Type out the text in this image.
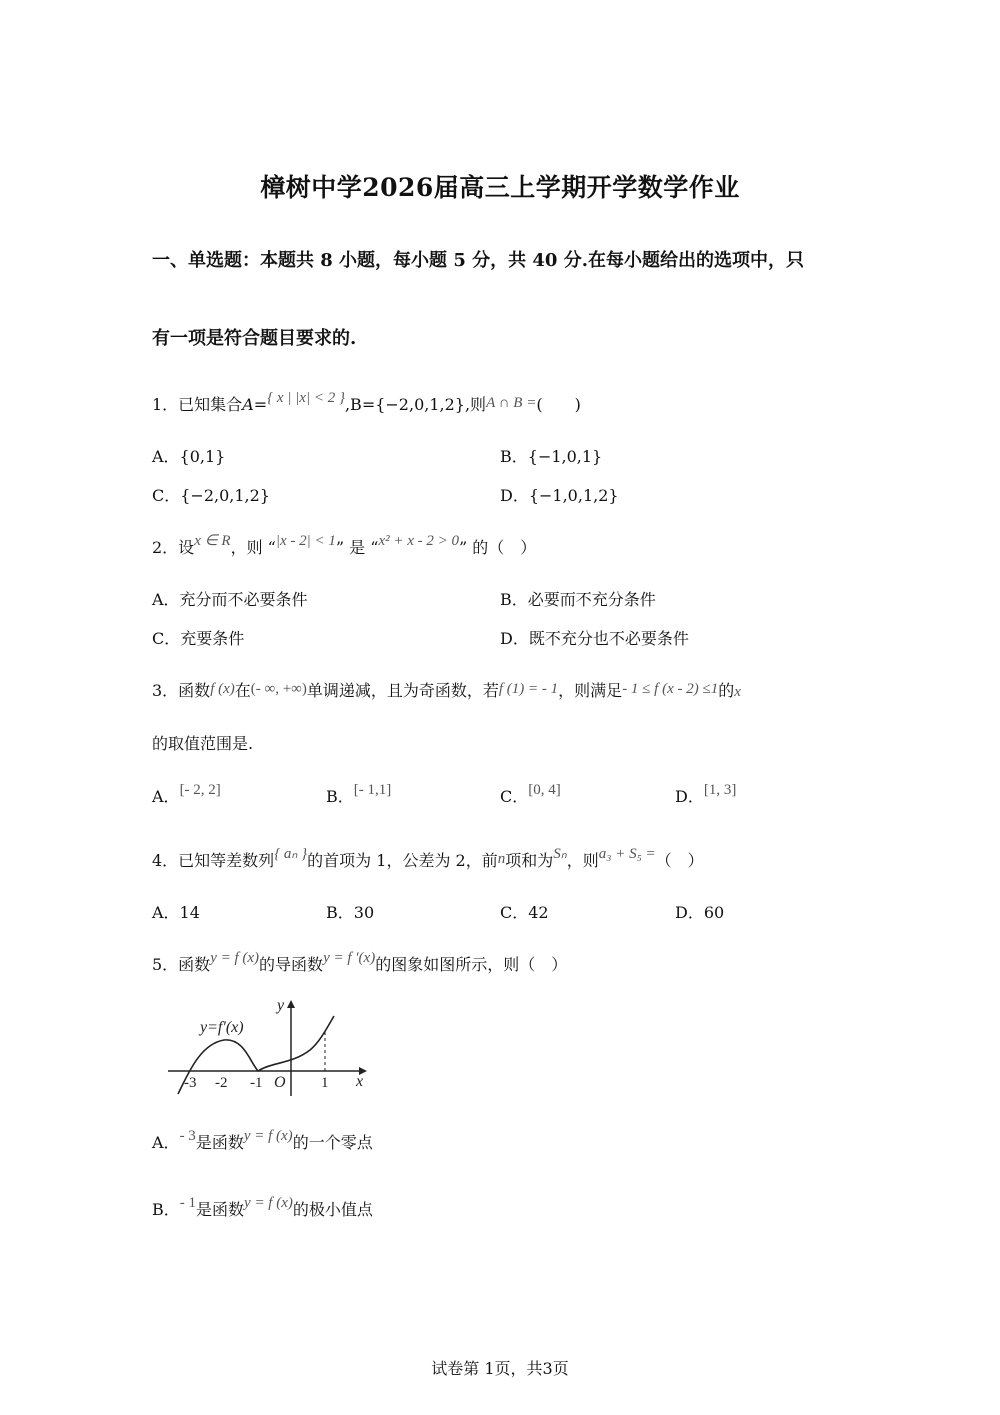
樟树中学2026届高三上学期开学数学作业
一、单选题：本题共 8 小题，每小题 5 分，共 40 分.在每小题给出的选项中，只
有一项是符合题目要求的.
1．已知集合A={ x | |x| < 2 },B={−2,0,1,2},则A ∩ B =(　　)
A．{0,1}	B．{−1,0,1}
C．{−2,0,1,2}	D．{−1,0,1,2}
2．设x ∈ R，则 “|x - 2| < 1” 是 “x² + x - 2 > 0” 的（　）
A．充分而不必要条件	B．必要而不充分条件
C．充要条件	D．既不充分也不必要条件
3．函数f (x)在(- ∞, +∞)单调递减，且为奇函数，若f (1) = - 1，则满足- 1 ≤ f (x - 2) ≤1的x
的取值范围是.
A．[- 2, 2]	B．[- 1,1]	C．[0, 4]	D．[1, 3]
4．已知等差数列{ aₙ }的首项为 1，公差为 2，前n项和为Sₙ，则a₃ + S₅ =（　）
A．14	B．30	C．42	D．60
5．函数y = f (x)的导函数y = f ′(x)的图象如图所示，则（　）
y=f′(x)
y
x
O
-3 -2 -1	1
A．- 3是函数y = f (x)的一个零点
B．- 1是函数y = f (x)的极小值点
试卷第 1页，共3页
